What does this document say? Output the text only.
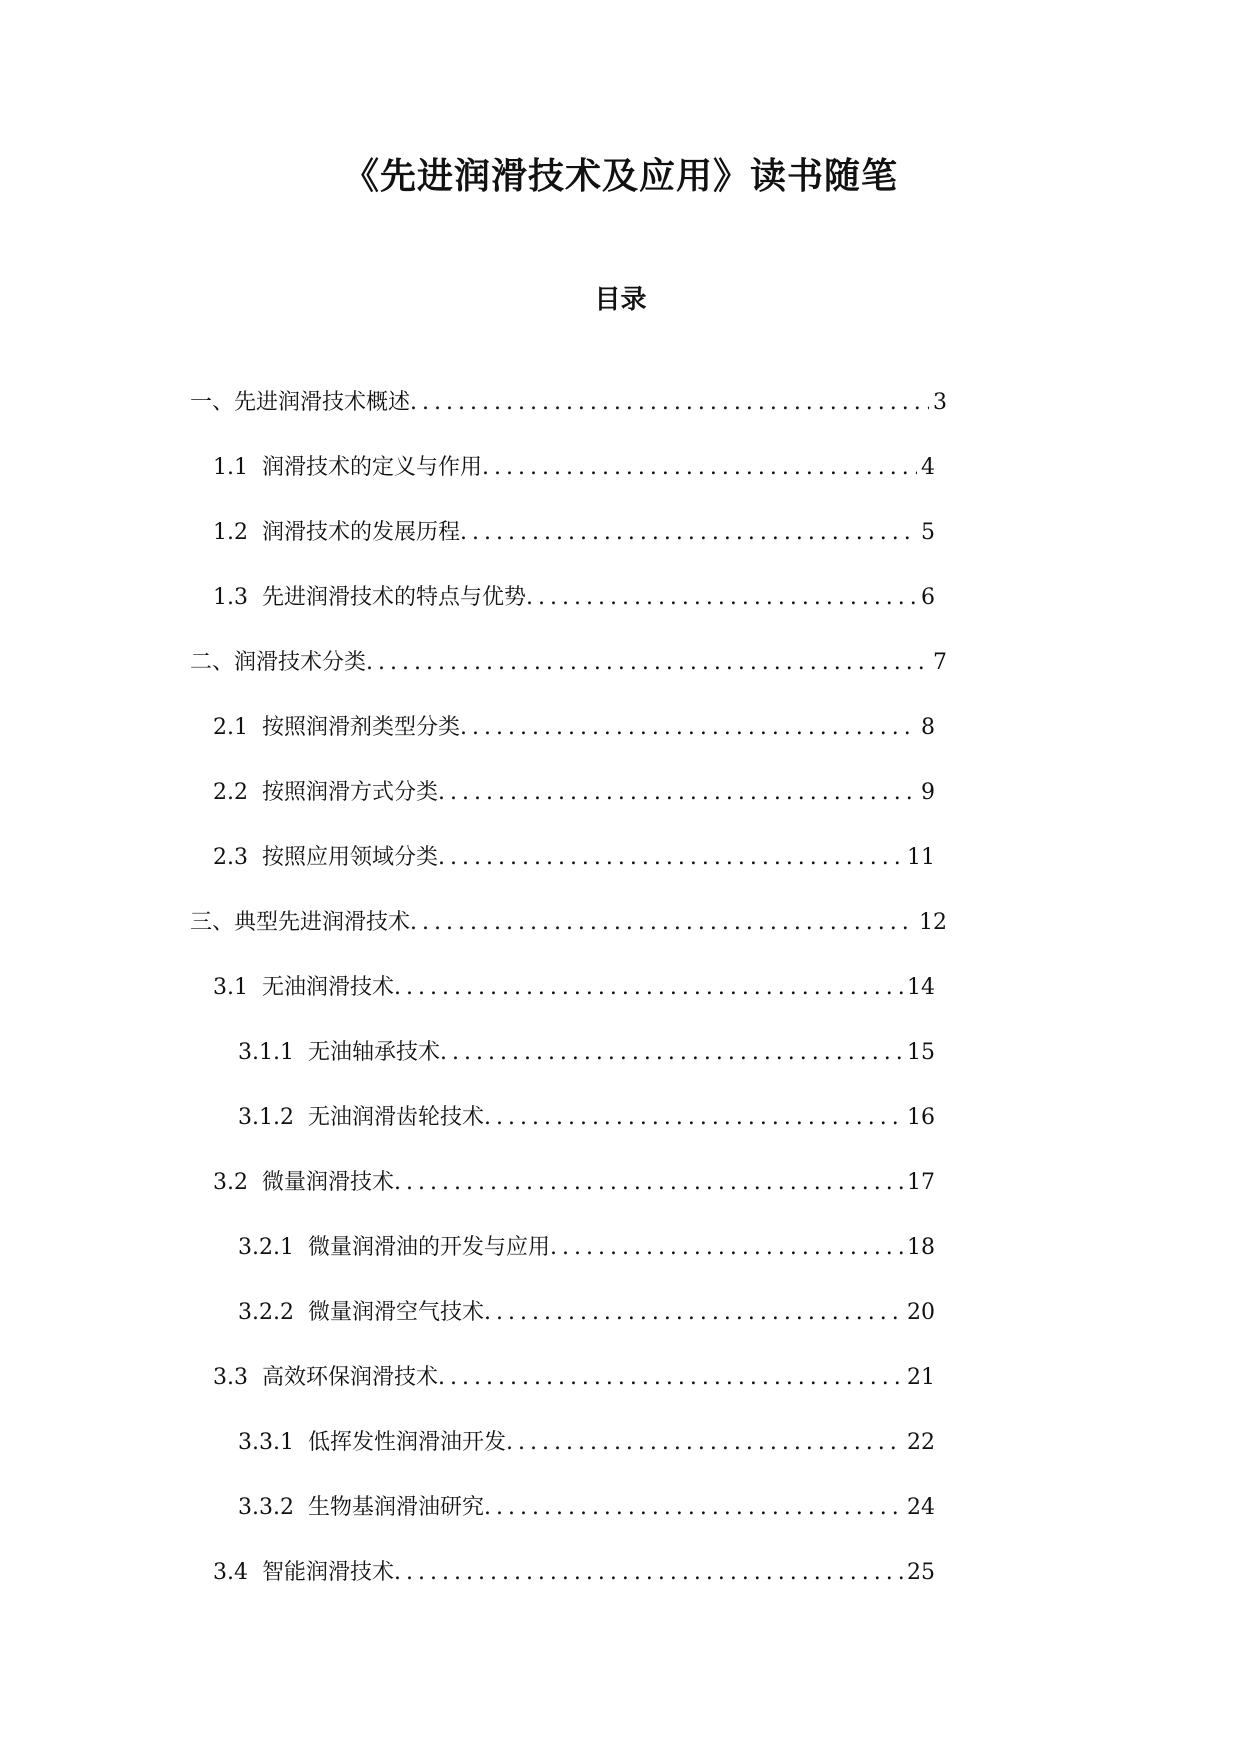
《先进润滑技术及应用》读书随笔
目录
一、 先进润滑技术概述 .....	3
1.1 润滑技术的定义与作用 .....	4
1.2 润滑技术的发展历程 .....	5
1.3 先进润滑技术的特点与优势 .....	6
二、 润滑技术分类 .....	7
2.1 按照润滑剂类型分类 .....	8
2.2 按照润滑方式分类 .....	9
2.3 按照应用领域分类 .....	11
三、 典型先进润滑技术 .....	12
3.1 无油润滑技术 .....	14
3.1.1 无油轴承技术 .....	15
3.1.2 无油润滑齿轮技术 .....	16
3.2 微量润滑技术 .....	17
3.2.1 微量润滑油的开发与应用 .....	18
3.2.2 微量润滑空气技术 .....	20
3.3 高效环保润滑技术 .....	21
3.3.1 低挥发性润滑油开发 .....	22
3.3.2 生物基润滑油研究 .....	24
3.4 智能润滑技术 .....	25
